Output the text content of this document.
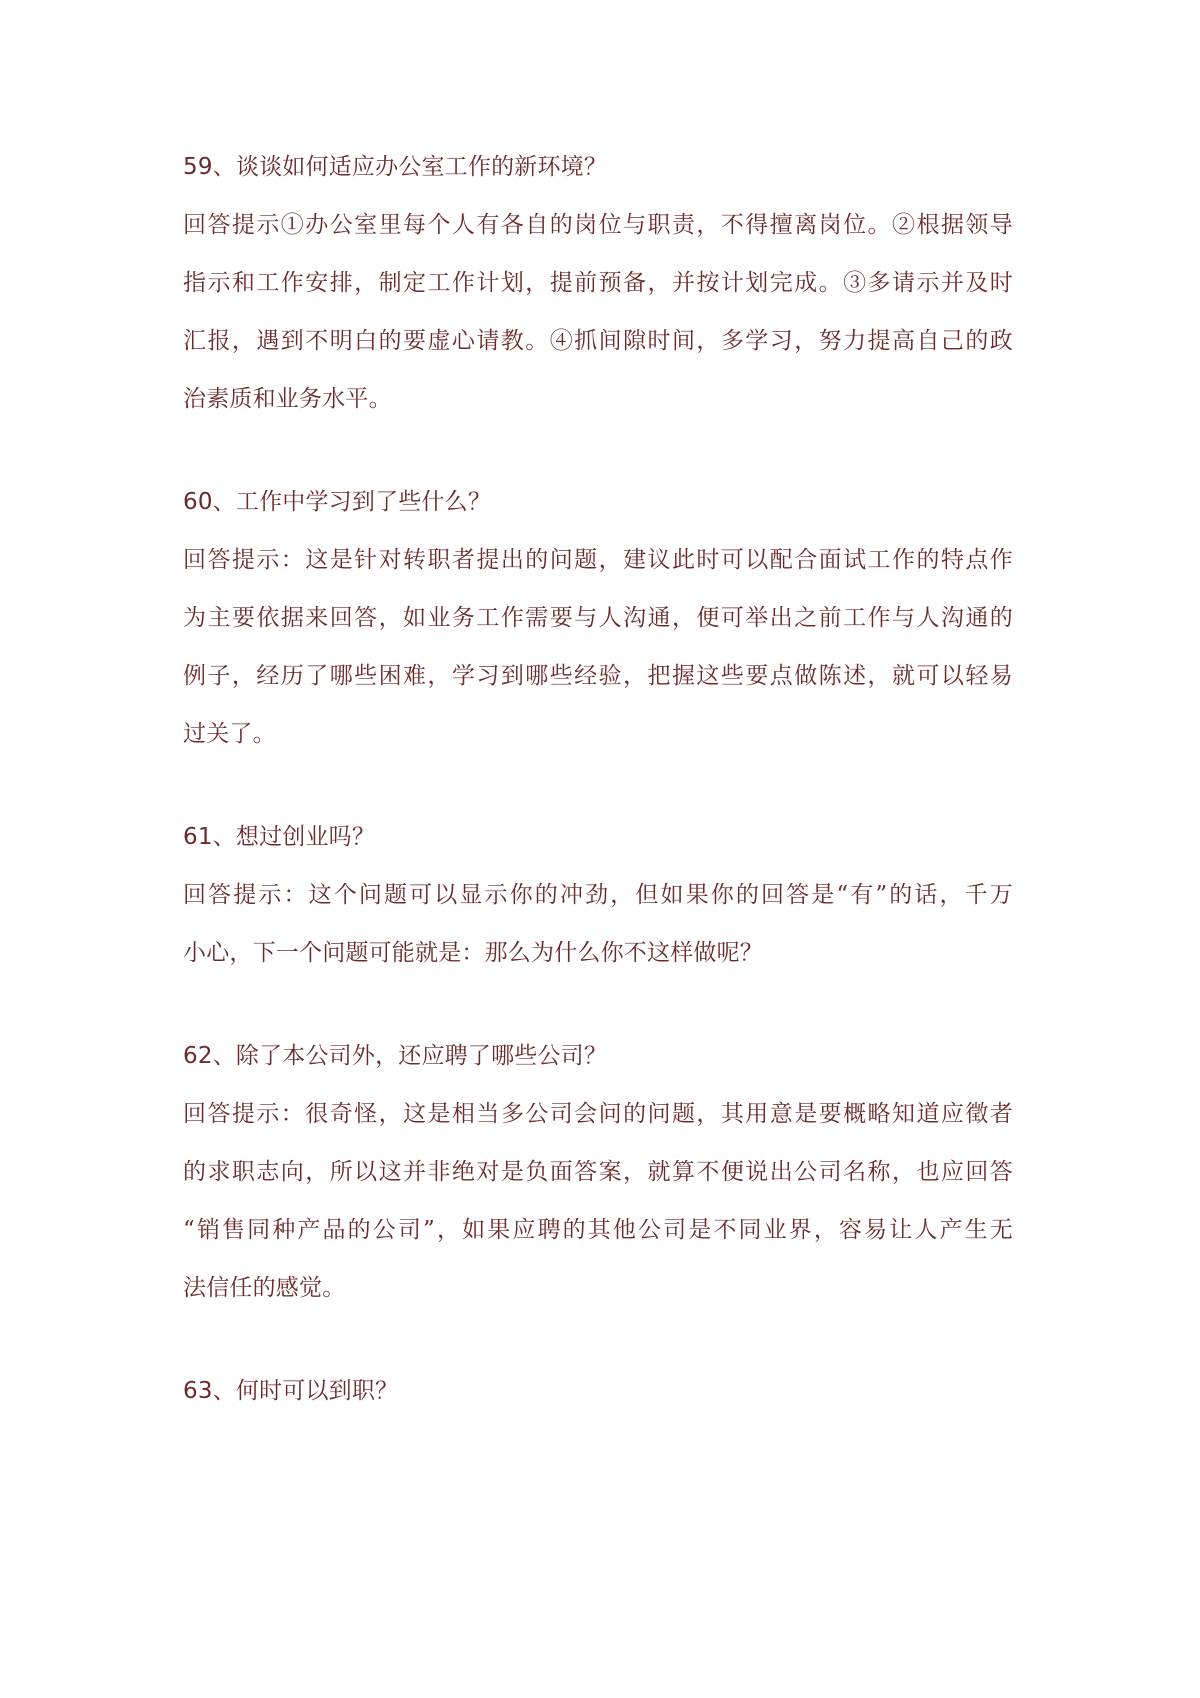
59、谈谈如何适应办公室工作的新环境？
回答提示①办公室里每个人有各自的岗位与职责，不得擅离岗位。②根据领导
指示和工作安排，制定工作计划，提前预备，并按计划完成。③多请示并及时
汇报，遇到不明白的要虚心请教。④抓间隙时间，多学习，努力提高自己的政
治素质和业务水平。
60、工作中学习到了些什么？
回答提示：这是针对转职者提出的问题，建议此时可以配合面试工作的特点作
为主要依据来回答，如业务工作需要与人沟通，便可举出之前工作与人沟通的
例子，经历了哪些困难，学习到哪些经验，把握这些要点做陈述，就可以轻易
过关了。
61、想过创业吗？
回答提示：这个问题可以显示你的冲劲，但如果你的回答是“有”的话，千万
小心，下一个问题可能就是：那么为什么你不这样做呢？
62、除了本公司外，还应聘了哪些公司？
回答提示：很奇怪，这是相当多公司会问的问题，其用意是要概略知道应徵者
的求职志向，所以这并非绝对是负面答案，就算不便说出公司名称，也应回答
“销售同种产品的公司”，如果应聘的其他公司是不同业界，容易让人产生无
法信任的感觉。
63、何时可以到职？
